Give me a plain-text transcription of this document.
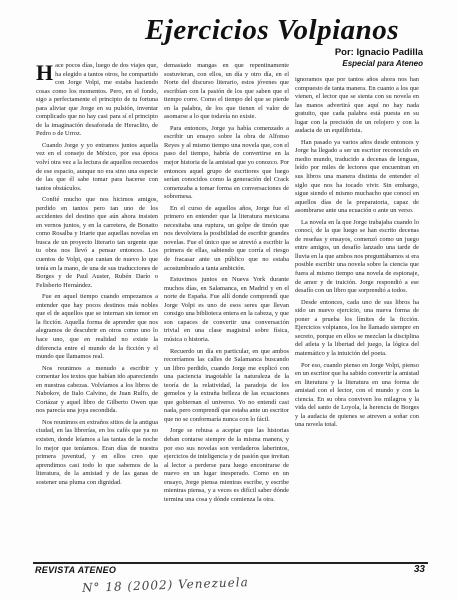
Ejercicios Volpianos
Por: Ignacio Padilla
Especial para Ateneo

Hace pocos días, luego de dos viajes que, ha elegido a tantos otros, he compartido con Jorge Volpi, me estaba haciendo cosas como los momentos. Pero, en el fondo, sigo a perfectamente el principio de tu fortuna para aliviar que Jorge en su pulsión, inventar complicado que no hay casi para sí el principio de la imaginación desaforada de Heraclito, de Pedro o de Urroz.

Cuando Jorge y yo entramos juntos aquella vez en el consejo de México, por esa época volví otra vez a la lectura de aquellos recuerdos de ese espacio, aunque no era sino una especie de las que él sabe tomar para hacerse con tantos obstáculos.

Confié mucho que nos hicimos amigos, perdido en tantos pero tan uno de los accidentes del destino que aún ahora insisten en vernos juntos, y en la carretera, de Bonatto como Rosalba y Iriarte que aquellas novelas en busca de un proyecto literario tan urgente que tu obra nos llevó a pensar entonces. Los cuentos de Volpi, que cantan de nuevo lo que tenía en la mano, de una de sus traducciones de Borges y de Paul Auster, Rubén Darío o Felisberto Hernández.

Fue en aquel tiempo cuando empezamos a entender que hay pocos destinos más nobles que el de aquellos que se internan sin temor en la ficción. Aquella forma de aprender que nos alegramos de descubrir en otros como uno lo hace uno, que en realidad no existe la diferencia entre el mundo de la ficción y el mundo que llamamos real.

Nos reunimos a menudo a escribir y comentar los textos que habían ido apareciendo en nuestras cabezas. Volvíamos a los libros de Nabokov, de Italo Calvino, de Juan Rulfo, de Cortázar y aquel libro de Gilberto Owen que nos parecía una joya escondida.

Nos reunimos en extraños sitios de la antigua ciudad, en las librerías, en los cafés que ya no existen, donde leíamos a las tantas de la noche lo mejor que teníamos. Eran días de nuestra primera juventud, y en ellos creo que aprendimos casi todo lo que sabemos de la literatura, de la amistad y de las ganas de sostener una pluma con dignidad.

demasiado mangas en que repentinamente sostuvieran, con ellos, un día y otro día, en el Norte del discurso literario, estos jóvenes que escribían con la pasión de los que saben que el tiempo corre. Como el tiempo del que se pierde en la palabra, de los que tienen el valor de asomarse a lo que todavía no existe.

Para entonces, Jorge ya había comenzado a escribir un ensayo sobre la obra de Alfonso Reyes y al mismo tiempo una novela que, con el paso del tiempo, habría de convertirse en la mejor historia de la amistad que yo conozco. Por entonces aquel grupo de escritores que luego serían conocidos como la generación del Crack comenzaba a tomar forma en conversaciones de sobremesa.

En el curso de aquellos años, Jorge fue el primero en entender que la literatura mexicana necesitaba una ruptura, un golpe de timón que nos devolviera la posibilidad de escribir grandes novelas. Fue el único que se atrevió a escribir la primera de ellas, sabiendo que corría el riesgo de fracasar ante un público que no estaba acostumbrado a tanta ambición.

Estuvimos juntos en Nueva York durante muchos días, en Salamanca, en Madrid y en el norte de España. Fue allí donde comprendí que Jorge Volpi es uno de esos seres que llevan consigo una biblioteca entera en la cabeza, y que son capaces de convertir una conversación trivial en una clase magistral sobre física, música o historia.

Recuerdo un día en particular, en que ambos recorríamos las calles de Salamanca buscando un libro perdido, cuando Jorge me explicó con una paciencia inagotable la naturaleza de la teoría de la relatividad, la paradoja de los gemelos y la extraña belleza de las ecuaciones que gobiernan el universo. Yo no entendí casi nada, pero comprendí que estaba ante un escritor que no se conformaría nunca con lo fácil.

Jorge se rehusa a aceptar que las historias deban contarse siempre de la misma manera, y por eso sus novelas son verdaderos laberintos, ejercicios de inteligencia y de pasión que invitan al lector a perderse para luego encontrarse de nuevo en un lugar inesperado. Como en un ensayo, Jorge piensa mientras escribe, y escribe mientras piensa, y a veces es difícil saber dónde termina una cosa y dónde comienza la otra.

ignoramos que por tantos años ahora nos han compuesto de tanta manera. En cuanto a los que vienen, el lector que se sienta con su novela en las manos advertirá que aquí no hay nada gratuito, que cada palabra está puesta en su lugar con la precisión de un relojero y con la audacia de un equilibrista.

Han pasado ya varios años desde entonces y Jorge ha llegado a ser un escritor reconocido en medio mundo, traducido a decenas de lenguas, leído por miles de lectores que encuentran en sus libros una manera distinta de entender el siglo que nos ha tocado vivir. Sin embargo, sigue siendo el mismo muchacho que conocí en aquellos días de la preparatoria, capaz de asombrarse ante una ecuación o ante un verso.

La novela en la que Jorge trabajaba cuando lo conocí, de la que luego se han escrito decenas de reseñas y ensayos, comenzó como un juego entre amigos, un desafío lanzado una tarde de lluvia en la que ambos nos preguntábamos si era posible escribir una novela sobre la ciencia que fuera al mismo tiempo una novela de espionaje, de amor y de traición. Jorge respondió a ese desafío con un libro que sorprendió a todos.

Desde entonces, cada uno de sus libros ha sido un nuevo ejercicio, una nueva forma de poner a prueba los límites de la ficción. Ejercicios volpianos, los he llamado siempre en secreto, porque en ellos se mezclan la disciplina del atleta y la libertad del juego, la lógica del matemático y la intuición del poeta.

Por eso, cuando pienso en Jorge Volpi, pienso en un escritor que ha sabido convertir la amistad en literatura y la literatura en una forma de amistad con el lector, con el mundo y con la ciencia. En su obra conviven los milagros y la vida del santo de Loyola, la herencia de Borges y la audacia de quienes se atreven a soñar con una novela total.

REVISTA ATENEO	33
N° 18 (2002) Venezuela
